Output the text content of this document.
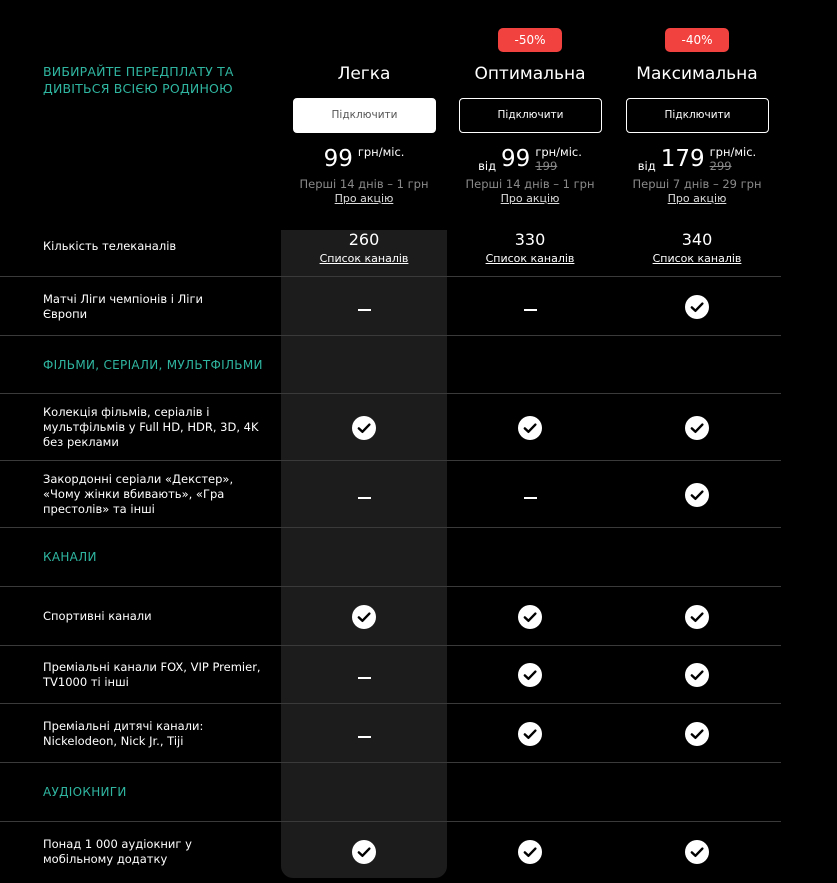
ВИБИРАЙТЕ ПЕРЕДПЛАТУ ТА ДИВІТЬСЯ ВСІЄЮ РОДИНОЮ
Легка
Підключити
99 грн/міс.
Перші 14 днів – 1 грн
Про акцію
-50%
Оптимальна
Підключити
від 99 грн/міс.
199
Перші 14 днів – 1 грн
Про акцію
-40%
Максимальна
Підключити
від 179 грн/міс.
299
Перші 7 днів – 29 грн
Про акцію
Кількість телеканалів	260
Список каналів
330
Список каналів
340
Список каналів
Матчі Ліги чемпіонів і Ліги Європи
ФІЛЬМИ, СЕРІАЛИ, МУЛЬТФІЛЬМИ
Колекція фільмів, серіалів і мультфільмів у Full HD, HDR, 3D, 4K без реклами
Закордонні серіали «Декстер», «Чому жінки вбивають», «Гра престолів» та інші
КАНАЛИ
Спортивні канали
Преміальні канали FOX, VIP Premier, TV1000 ті інші
Преміальні дитячі канали: Nickelodeon, Nick Jr., Tiji
АУДІОКНИГИ
Понад 1 000 аудіокниг у мобільному додатку
